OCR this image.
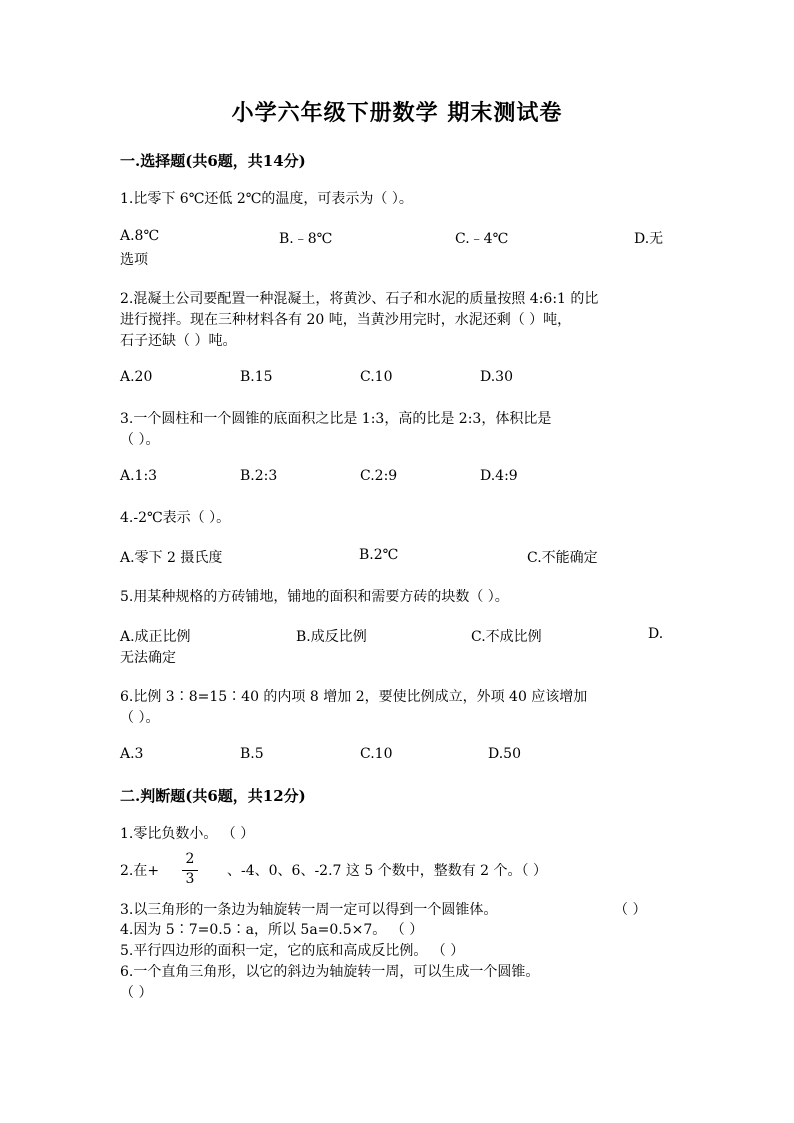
小学六年级下册数学 期末测试卷
一.选择题(共6题，共14分)
1.比零下 6℃还低 2℃的温度，可表示为（ ）。
A.8℃	B.﹣8℃	C.﹣4℃	D.无
选项
2.混凝土公司要配置一种混凝土，将黄沙、石子和水泥的质量按照 4:6:1 的比
进行搅拌。现在三种材料各有 20 吨，当黄沙用完时，水泥还剩（ ）吨，
石子还缺（ ）吨。
A.20	B.15	C.10	D.30
3.一个圆柱和一个圆锥的底面积之比是 1:3，高的比是 2:3，体积比是
（ ）。
A.1:3	B.2:3	C.2:9	D.4:9
4.-2℃表示（ ）。
A.零下 2 摄氏度	B.2℃	C.不能确定
5.用某种规格的方砖铺地，铺地的面积和需要方砖的块数（ ）。
A.成正比例	B.成反比例	C.不成比例	D.
无法确定
6.比例 3∶8=15∶40 的内项 8 增加 2，要使比例成立，外项 40 应该增加
（ ）。
A.3	B.5	C.10	D.50
二.判断题(共6题，共12分)
1.零比负数小。 （ ）
2.在+
2
3 、-4、0、6、-2.7 这 5 个数中，整数有 2 个。（ ）
3.以三角形的一条边为轴旋转一周一定可以得到一个圆锥体。	（ ）
4.因为 5∶7=0.5∶a，所以 5a=0.5×7。 （ ）
5.平行四边形的面积一定，它的底和高成反比例。 （ ）
6.一个直角三角形，以它的斜边为轴旋转一周，可以生成一个圆锥。
（ ）
